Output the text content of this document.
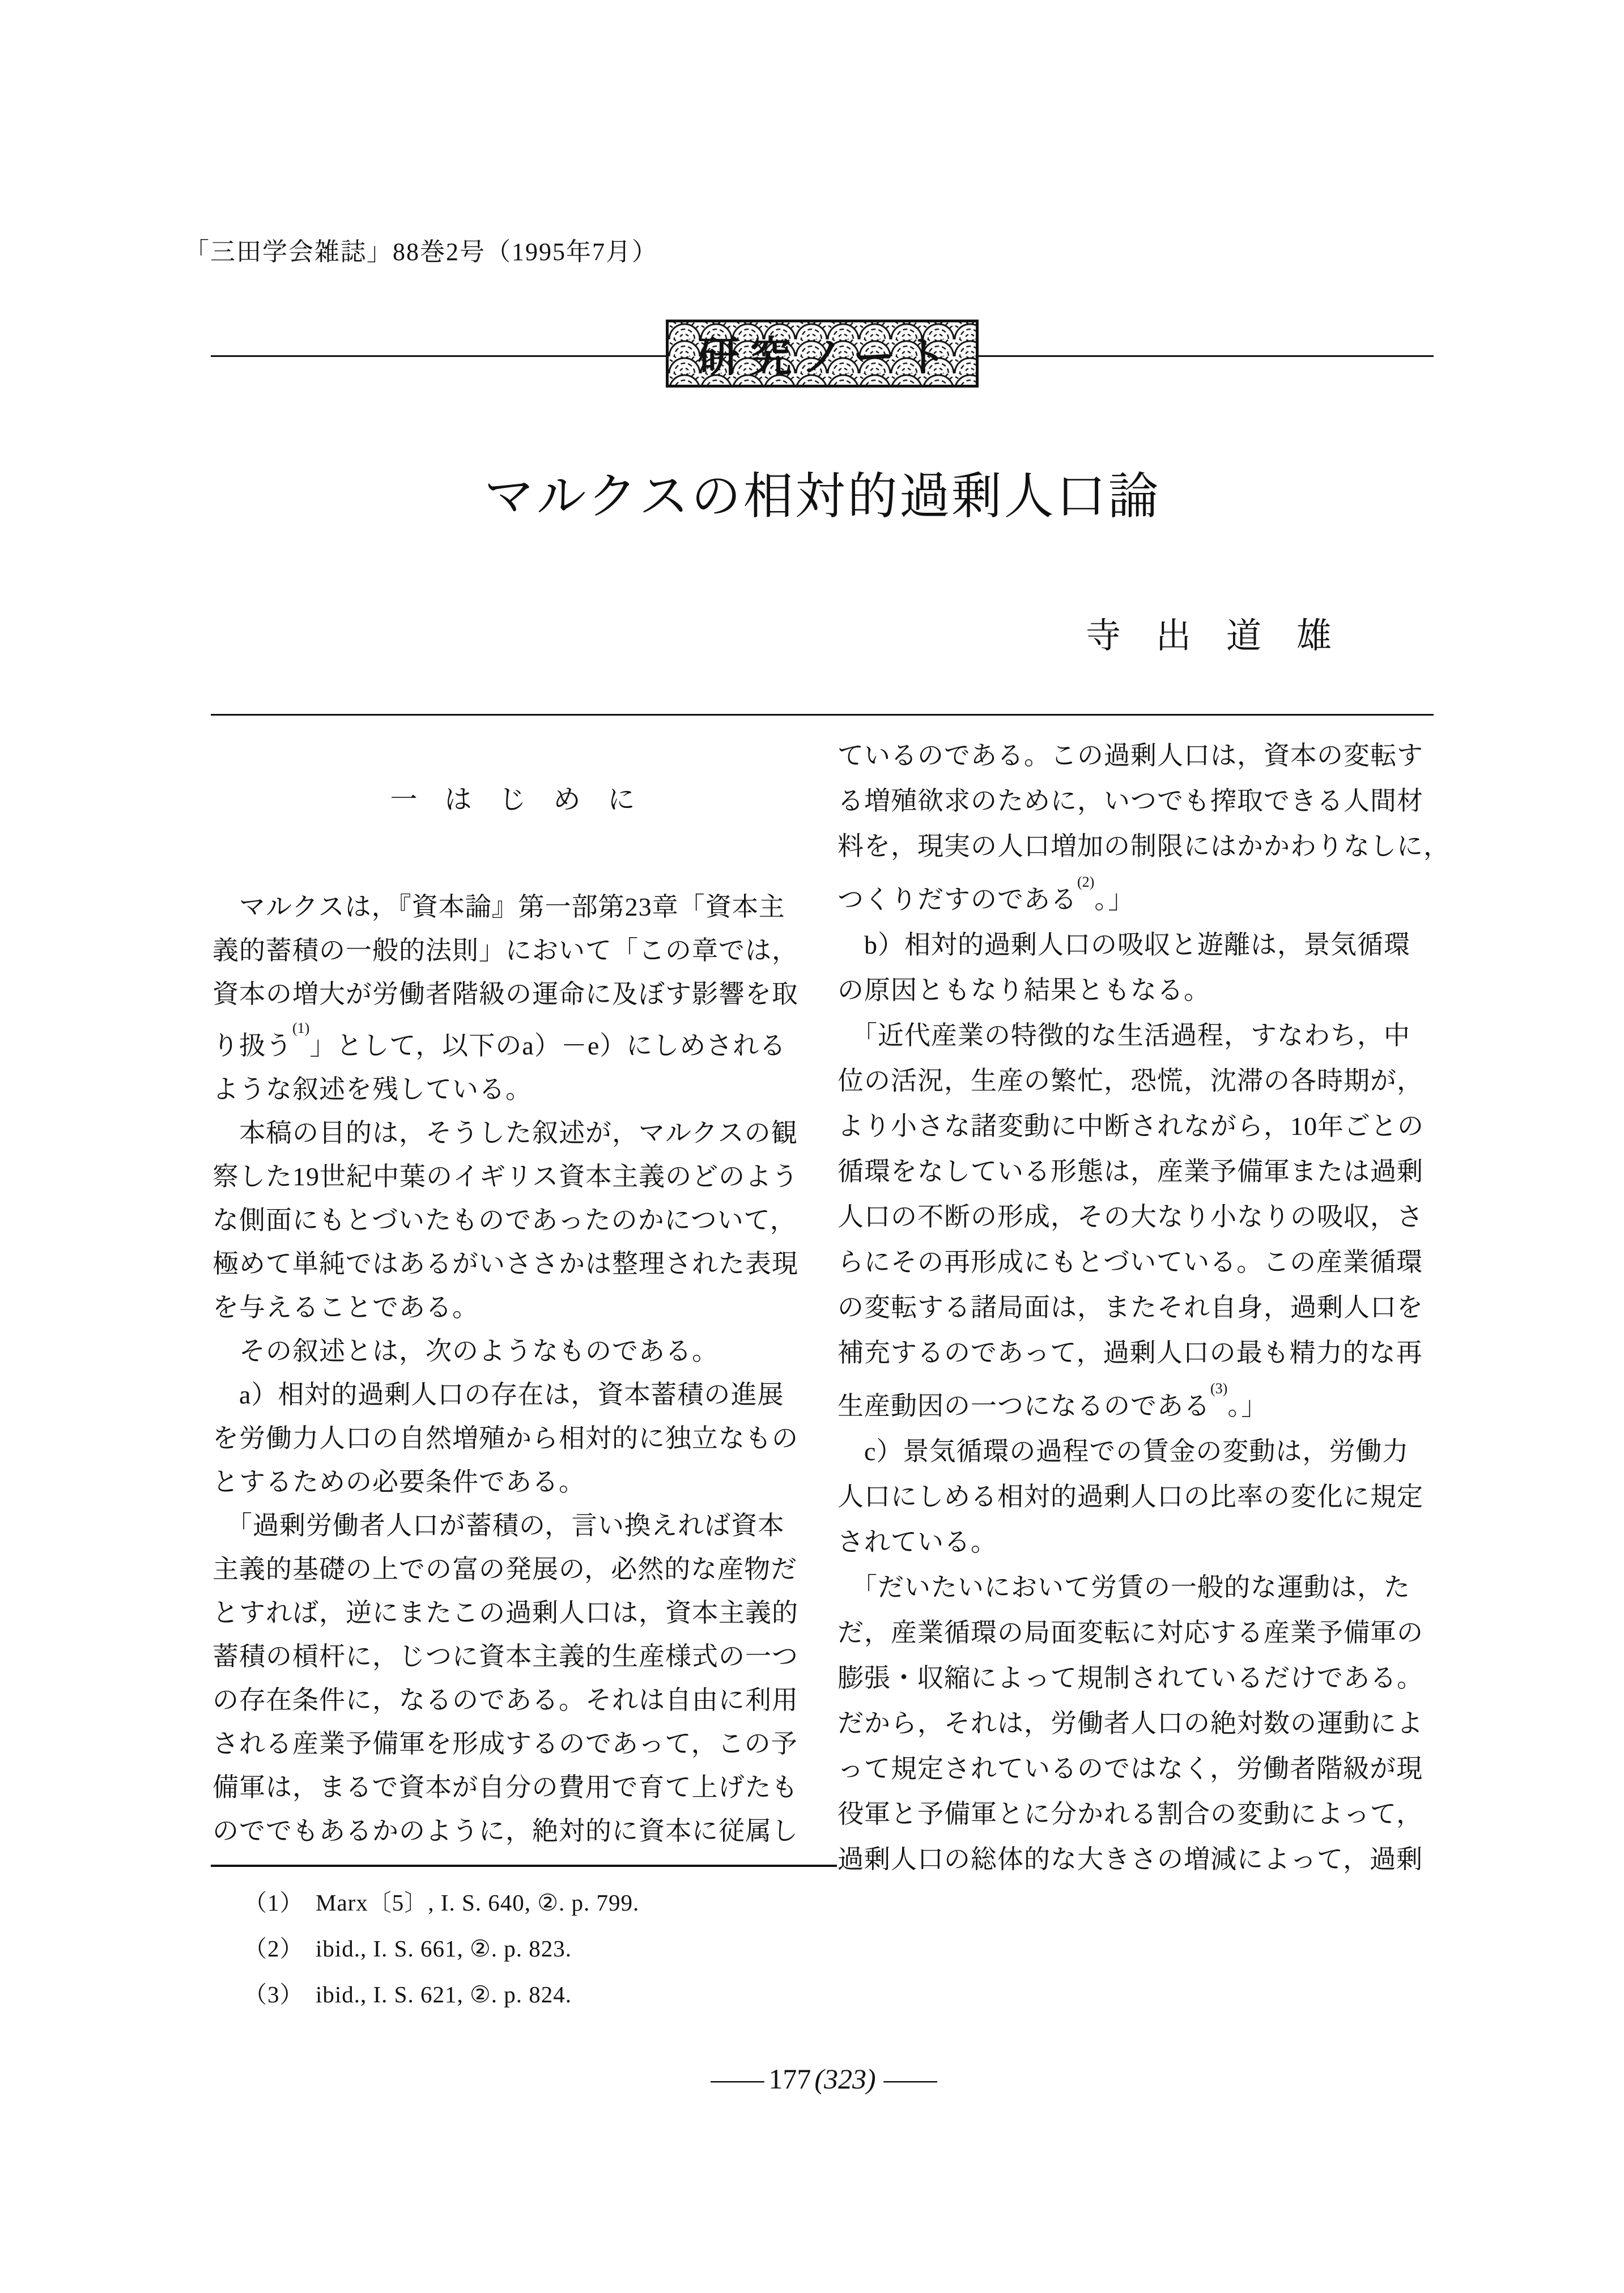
「三田学会雑誌」88巻2号（1995年7月）
研究ノート
マルクスの相対的過剰人口論
寺　出　道　雄
一　は　じ　め　に
　マルクスは，『資本論』第一部第23章「資本主
義的蓄積の一般的法則」において「この章では，
資本の増大が労働者階級の運命に及ぼす影響を取
り扱う$^{(1)}$」として，以下のa）－e）にしめされる
ような叙述を残している。
　本稿の目的は，そうした叙述が，マルクスの観
察した19世紀中葉のイギリス資本主義のどのよう
な側面にもとづいたものであったのかについて，
極めて単純ではあるがいささかは整理された表現
を与えることである。
　その叙述とは，次のようなものである。
　a）相対的過剰人口の存在は，資本蓄積の進展
を労働力人口の自然増殖から相対的に独立なもの
とするための必要条件である。
　「過剰労働者人口が蓄積の，言い換えれば資本
主義的基礎の上での富の発展の，必然的な産物だ
とすれば，逆にまたこの過剰人口は，資本主義的
蓄積の槓杆に，じつに資本主義的生産様式の一つ
の存在条件に，なるのである。それは自由に利用
される産業予備軍を形成するのであって，この予
備軍は，まるで資本が自分の費用で育て上げたも
のででもあるかのように，絶対的に資本に従属し
ているのである。この過剰人口は，資本の変転す
る増殖欲求のために，いつでも搾取できる人間材
料を，現実の人口増加の制限にはかかわりなしに，
つくりだすのである$^{(2)}$。」
　b）相対的過剰人口の吸収と遊離は，景気循環
の原因ともなり結果ともなる。
　「近代産業の特徴的な生活過程，すなわち，中
位の活況，生産の繁忙，恐慌，沈滞の各時期が，
より小さな諸変動に中断されながら，10年ごとの
循環をなしている形態は，産業予備軍または過剰
人口の不断の形成，その大なり小なりの吸収，さ
らにその再形成にもとづいている。この産業循環
の変転する諸局面は，またそれ自身，過剰人口を
補充するのであって，過剰人口の最も精力的な再
生産動因の一つになるのである$^{(3)}$。」
　c）景気循環の過程での賃金の変動は，労働力
人口にしめる相対的過剰人口の比率の変化に規定
されている。
　「だいたいにおいて労賃の一般的な運動は，た
だ，産業循環の局面変転に対応する産業予備軍の
膨張・収縮によって規制されているだけである。
だから，それは，労働者人口の絶対数の運動によ
って規定されているのではなく，労働者階級が現
役軍と予備軍とに分かれる割合の変動によって，
過剰人口の総体的な大きさの増減によって，過剰
（1）　Marx〔5〕, I. S. 640, ②. p. 799.
（2）　ibid., I. S. 661, ②. p. 823.
（3）　ibid., I. S. 621, ②. p. 824.
―― 177 (323) ――
